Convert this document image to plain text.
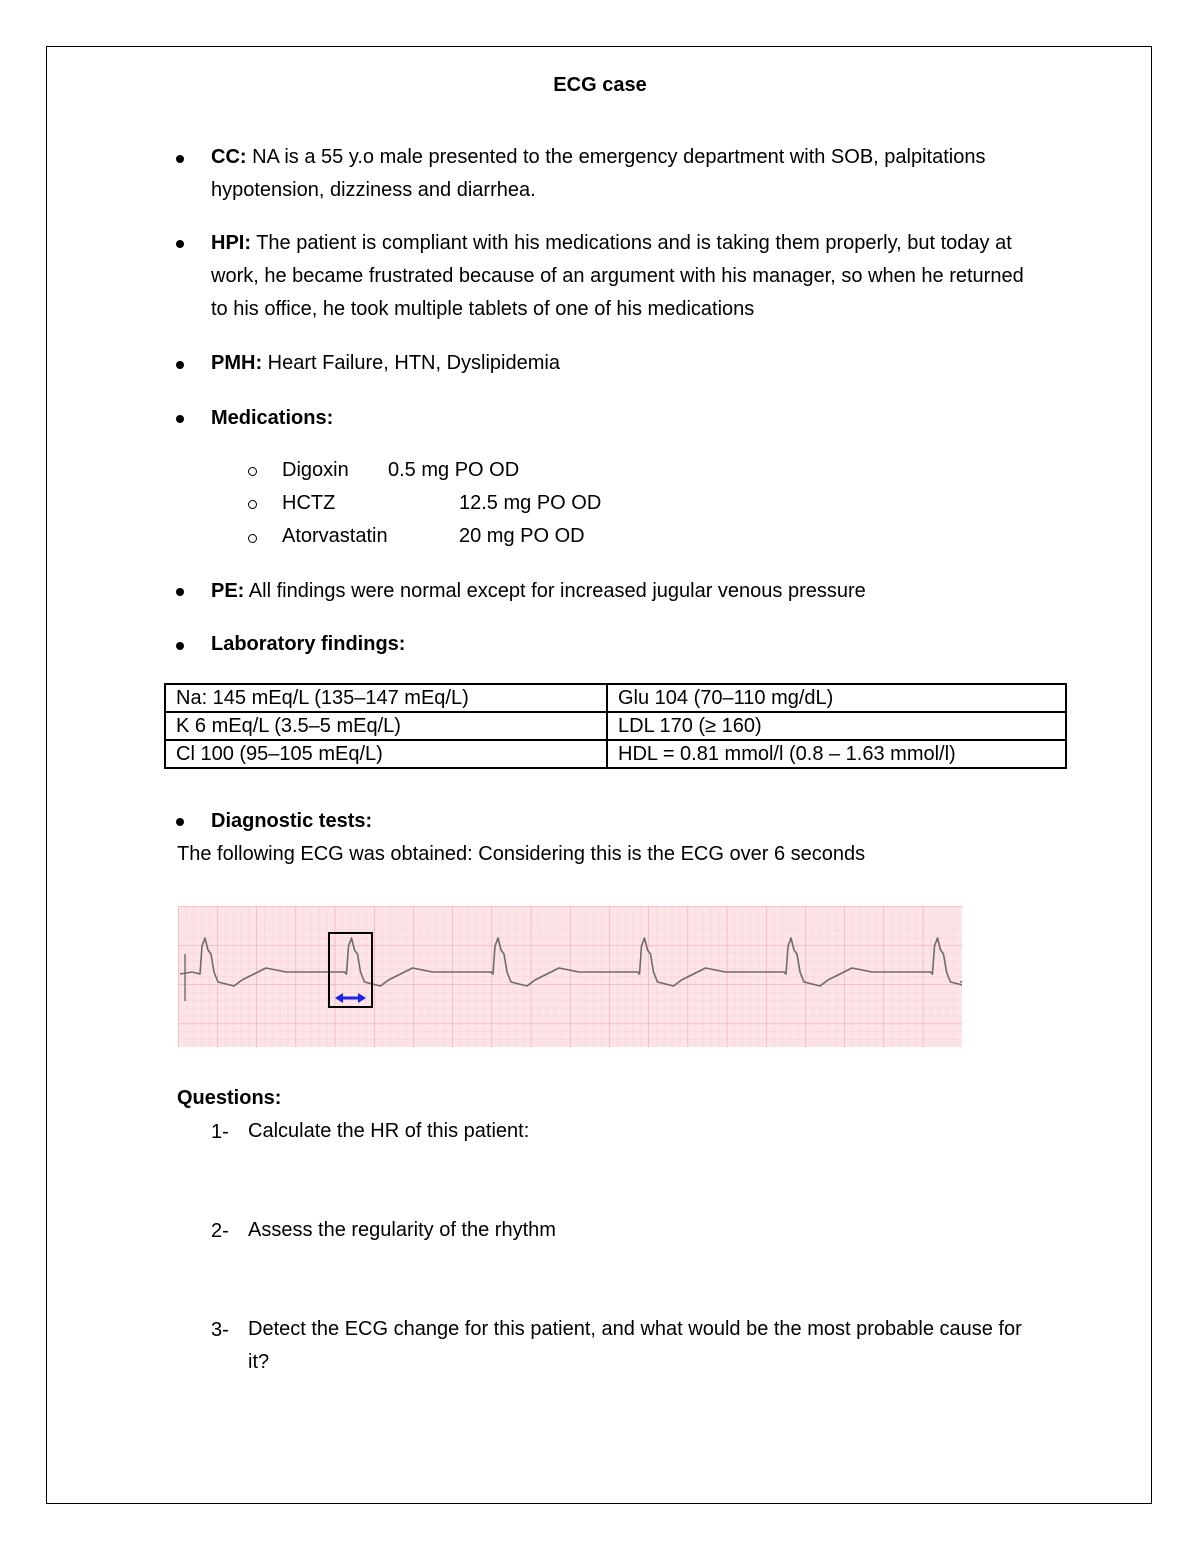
ECG case
CC: NA is a 55 y.o male presented to the emergency department with SOB, palpitations hypotension, dizziness and diarrhea.
HPI: The patient is compliant with his medications and is taking them properly, but today at work, he became frustrated because of an argument with his manager, so when he returned to his office, he took multiple tablets of one of his medications
PMH: Heart Failure, HTN, Dyslipidemia
Medications:
Digoxin 0.5 mg PO OD
HCTZ	12.5 mg PO OD
Atorvastatin	20 mg PO OD
PE: All findings were normal except for increased jugular venous pressure
Laboratory findings:
Na: 145 mEq/L (135–147 mEq/L)	Glu 104 (70–110 mg/dL)
K 6 mEq/L (3.5–5 mEq/L)	LDL 170 (≥ 160)
Cl 100 (95–105 mEq/L)	HDL = 0.81 mmol/l (0.8 – 1.63 mmol/l)
Diagnostic tests:
The following ECG was obtained: Considering this is the ECG over 6 seconds
Questions:
1- Calculate the HR of this patient:
2- Assess the regularity of the rhythm
3- Detect the ECG change for this patient, and what would be the most probable cause for it?
